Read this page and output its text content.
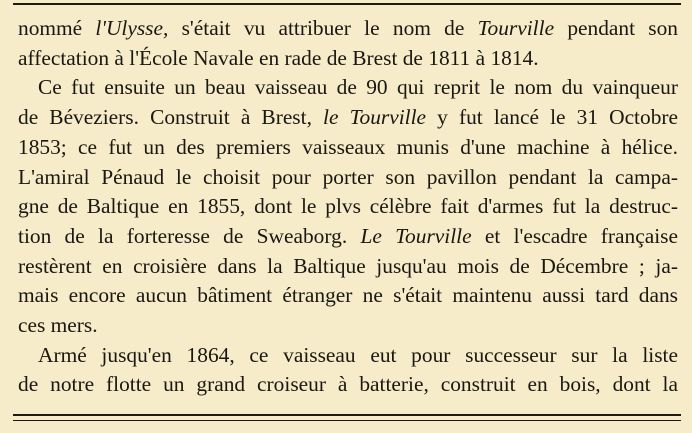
nommé l'Ulysse, s'était vu attribuer le nom de Tourville pendant son
affectation à l'École Navale en rade de Brest de 1811 à 1814.
Ce fut ensuite un beau vaisseau de 90 qui reprit le nom du vainqueur
de Béveziers. Construit à Brest, le Tourville y fut lancé le 31 Octobre
1853; ce fut un des premiers vaisseaux munis d'une machine à hélice.
L'amiral Pénaud le choisit pour porter son pavillon pendant la campa-
gne de Baltique en 1855, dont le plvs célèbre fait d'armes fut la destruc-
tion de la forteresse de Sweaborg. Le Tourville et l'escadre française
restèrent en croisière dans la Baltique jusqu'au mois de Décembre ; ja-
mais encore aucun bâtiment étranger ne s'était maintenu aussi tard dans
ces mers.
Armé jusqu'en 1864, ce vaisseau eut pour successeur sur la liste
de notre flotte un grand croiseur à batterie, construit en bois, dont la
